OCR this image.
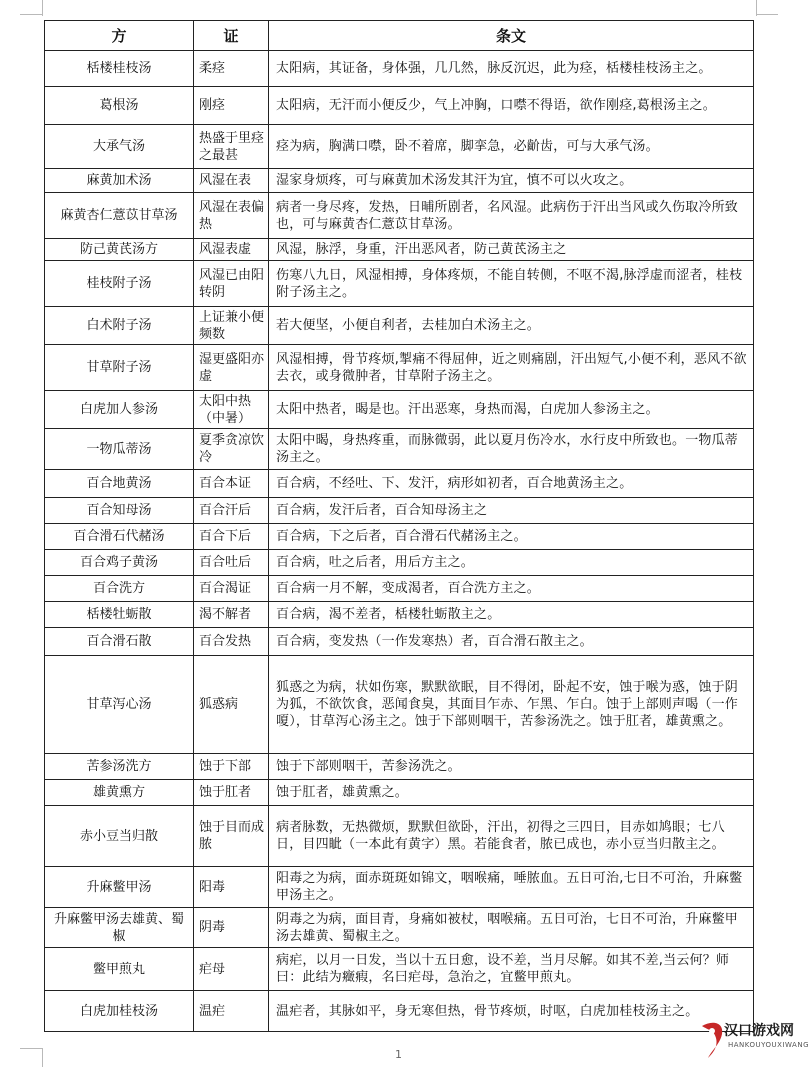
方	证	条文
栝楼桂枝汤	柔痉	太阳病，其证备，身体强，几几然，脉反沉迟，此为痉，栝楼桂枝汤主之。
葛根汤	刚痉	太阳病，无汗而小便反少，气上冲胸，口噤不得语，欲作刚痉,葛根汤主之。
大承气汤	热盛于里痉之最甚	痉为病，胸满口噤，卧不着席，脚挛急，必齘齿，可与大承气汤。
麻黄加术汤	风湿在表	湿家身烦疼，可与麻黄加术汤发其汗为宜，慎不可以火攻之。
麻黄杏仁薏苡甘草汤	风湿在表偏热	病者一身尽疼，发热，日晡所剧者，名风湿。此病伤于汗出当风或久伤取冷所致也，可与麻黄杏仁薏苡甘草汤。
防己黄芪汤方	风湿表虚	风湿，脉浮，身重，汗出恶风者，防己黄芪汤主之
桂枝附子汤	风湿已由阳转阴	伤寒八九日，风湿相搏，身体疼烦，不能自转侧，不呕不渴,脉浮虚而涩者，桂枝附子汤主之。
白术附子汤	上证兼小便频数	若大便坚，小便自利者，去桂加白术汤主之。
甘草附子汤	湿更盛阳亦虚	风湿相搏，骨节疼烦,掣痛不得屈伸，近之则痛剧，汗出短气,小便不利，恶风不欲去衣，或身微肿者，甘草附子汤主之。
白虎加人参汤	太阳中热（中暑）	太阳中热者，暍是也。汗出恶寒，身热而渴，白虎加人参汤主之。
一物瓜蒂汤	夏季贪凉饮冷	太阳中暍，身热疼重，而脉微弱，此以夏月伤冷水，水行皮中所致也。一物瓜蒂汤主之。
百合地黄汤	百合本证	百合病，不经吐、下、发汗，病形如初者，百合地黄汤主之。
百合知母汤	百合汗后	百合病，发汗后者，百合知母汤主之
百合滑石代赭汤	百合下后	百合病，下之后者，百合滑石代赭汤主之。
百合鸡子黄汤	百合吐后	百合病，吐之后者，用后方主之。
百合洗方	百合渴证	百合病一月不解，变成渴者，百合洗方主之。
栝楼牡蛎散	渴不解者	百合病，渴不差者，栝楼牡蛎散主之。
百合滑石散	百合发热	百合病，变发热（一作发寒热）者，百合滑石散主之。
甘草泻心汤	狐惑病	狐惑之为病，状如伤寒，默默欲眠，目不得闭，卧起不安，蚀于喉为惑，蚀于阴为狐，不欲饮食，恶闻食臭，其面目乍赤、乍黑、乍白。蚀于上部则声喝（一作嗄），甘草泻心汤主之。蚀于下部则咽干，苦参汤洗之。蚀于肛者，雄黄熏之。
苦参汤洗方	蚀于下部	蚀于下部则咽干，苦参汤洗之。
雄黄熏方	蚀于肛者	蚀于肛者，雄黄熏之。
赤小豆当归散	蚀于目而成脓	病者脉数，无热微烦，默默但欲卧，汗出，初得之三四日，目赤如鸠眼；七八日，目四眦（一本此有黄字）黑。若能食者，脓已成也，赤小豆当归散主之。
升麻鳖甲汤	阳毒	阳毒之为病，面赤斑斑如锦文，咽喉痛，唾脓血。五日可治,七日不可治，升麻鳖甲汤主之。
升麻鳖甲汤去雄黄、蜀椒	阴毒	阴毒之为病，面目青，身痛如被杖，咽喉痛。五日可治，七日不可治，升麻鳖甲汤去雄黄、蜀椒主之。
鳖甲煎丸	疟母	病疟，以月一日发，当以十五日愈，设不差，当月尽解。如其不差,当云何？师曰：此结为癥瘕，名曰疟母，急治之，宜鳖甲煎丸。
白虎加桂枝汤	温疟	温疟者，其脉如平，身无寒但热，骨节疼烦，时呕，白虎加桂枝汤主之。
1
汉口游戏网
HANKOUYOUXIWANG
